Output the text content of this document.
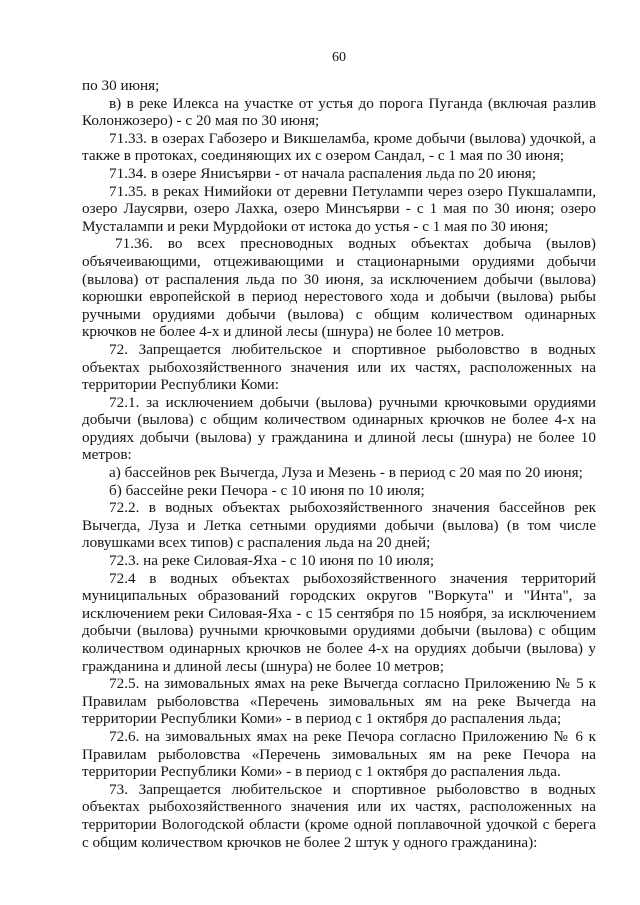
60

по 30 июня;

в) в реке Илекса на участке от устья до порога Пуганда (включая разлив Колонжозеро) - с 20 мая по 30 июня;

71.33. в озерах Габозеро и Викшеламба, кроме добычи (вылова) удочкой, а также в протоках, соединяющих их с озером Сандал, - с 1 мая по 30 июня;

71.34. в озере Янисъярви - от начала распаления льда по 20 июня;

71.35. в реках Нимийоки от деревни Петулампи через озеро Пукшалампи, озеро Лаусярви, озеро Лахка, озеро Минсъярви - с 1 мая по 30 июня; озеро Мусталампи и реки Мурдойоки от истока до устья - с 1 мая по 30 июня;

71.36. во всех пресноводных водных объектах добыча (вылов) объячеивающими, отцеживающими и стационарными орудиями добычи (вылова) от распаления льда по 30 июня, за исключением добычи (вылова) корюшки европейской в период нерестового хода и добычи (вылова) рыбы ручными орудиями добычи (вылова) с общим количеством одинарных крючков не более 4-х и длиной лесы (шнура) не более 10 метров.

72. Запрещается любительское и спортивное рыболовство в водных объектах рыбохозяйственного значения или их частях, расположенных на территории Республики Коми:

72.1. за исключением добычи (вылова) ручными крючковыми орудиями добычи (вылова) с общим количеством одинарных крючков не более 4-х на орудиях добычи (вылова) у гражданина и длиной лесы (шнура) не более 10 метров:

а) бассейнов рек Вычегда, Луза и Мезень - в период с 20 мая по 20 июня;

б) бассейне реки Печора - с 10 июня по 10 июля;

72.2. в водных объектах рыбохозяйственного значения бассейнов рек Вычегда, Луза и Летка сетными орудиями добычи (вылова) (в том числе ловушками всех типов) с распаления льда на 20 дней;

72.3. на реке Силовая-Яха - с 10 июня по 10 июля;

72.4 в водных объектах рыбохозяйственного значения территорий муниципальных образований городских округов "Воркута" и "Инта", за исключением реки Силовая-Яха - с 15 сентября по 15 ноября, за исключением добычи (вылова) ручными крючковыми орудиями добычи (вылова) с общим количеством одинарных крючков не более 4-х на орудиях добычи (вылова) у гражданина и длиной лесы (шнура) не более 10 метров;

72.5. на зимовальных ямах на реке Вычегда согласно Приложению № 5 к Правилам рыболовства «Перечень зимовальных ям на реке Вычегда на территории Республики Коми» - в период с 1 октября до распаления льда;

72.6. на зимовальных ямах на реке Печора согласно Приложению № 6 к Правилам рыболовства «Перечень зимовальных ям на реке Печора на территории Республики Коми» - в период с 1 октября до распаления льда.

73. Запрещается любительское и спортивное рыболовство в водных объектах рыбохозяйственного значения или их частях, расположенных на территории Вологодской области (кроме одной поплавочной удочкой с берега с общим количеством крючков не более 2 штук у одного гражданина):
